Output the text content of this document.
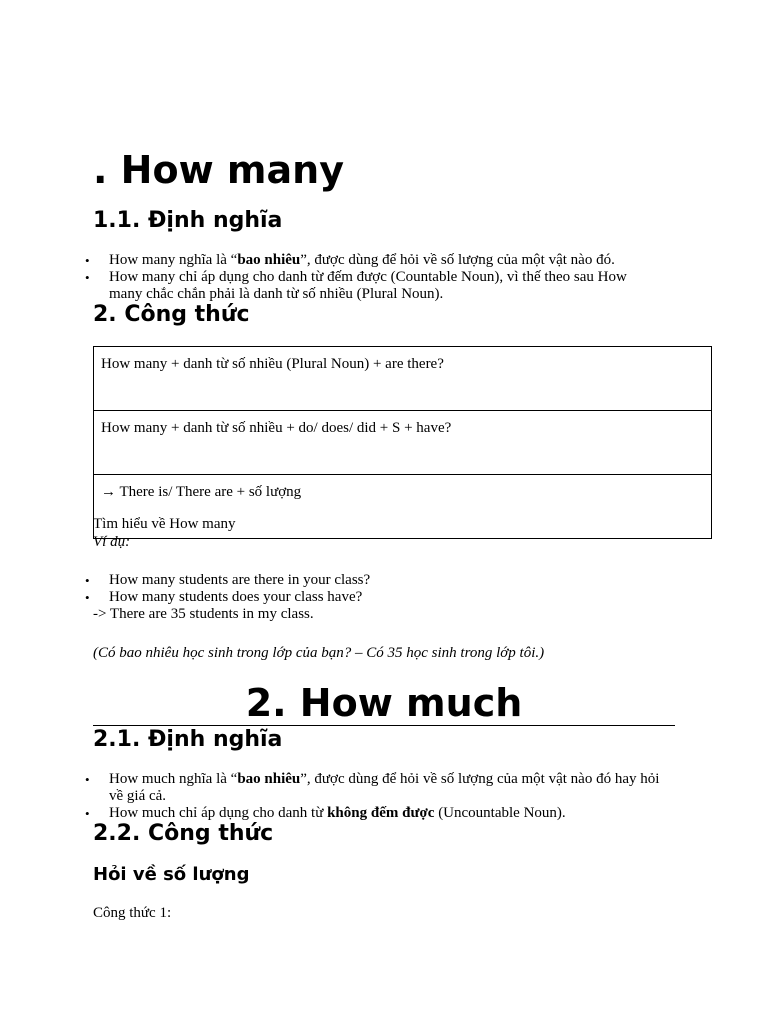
. How many
1.1. Định nghĩa
• How many nghĩa là “bao nhiêu”, được dùng để hỏi về số lượng của một vật nào đó.
• How many chỉ áp dụng cho danh từ đếm được (Countable Noun), vì thế theo sau How many chắc chắn phải là danh từ số nhiều (Plural Noun).
2. Công thức
How many + danh từ số nhiều (Plural Noun) + are there?
How many + danh từ số nhiều + do/ does/ did + S + have?
→ There is/ There are + số lượng
Tìm hiểu về How many
Ví dụ:
• How many students are there in your class?
• How many students does your class have?
-> There are 35 students in my class.
(Có bao nhiêu học sinh trong lớp của bạn? – Có 35 học sinh trong lớp tôi.)
2. How much
2.1. Định nghĩa
• How much nghĩa là “bao nhiêu”, được dùng để hỏi về số lượng của một vật nào đó hay hỏi về giá cả.
• How much chỉ áp dụng cho danh từ không đếm được (Uncountable Noun).
2.2. Công thức
Hỏi về số lượng
Công thức 1:
